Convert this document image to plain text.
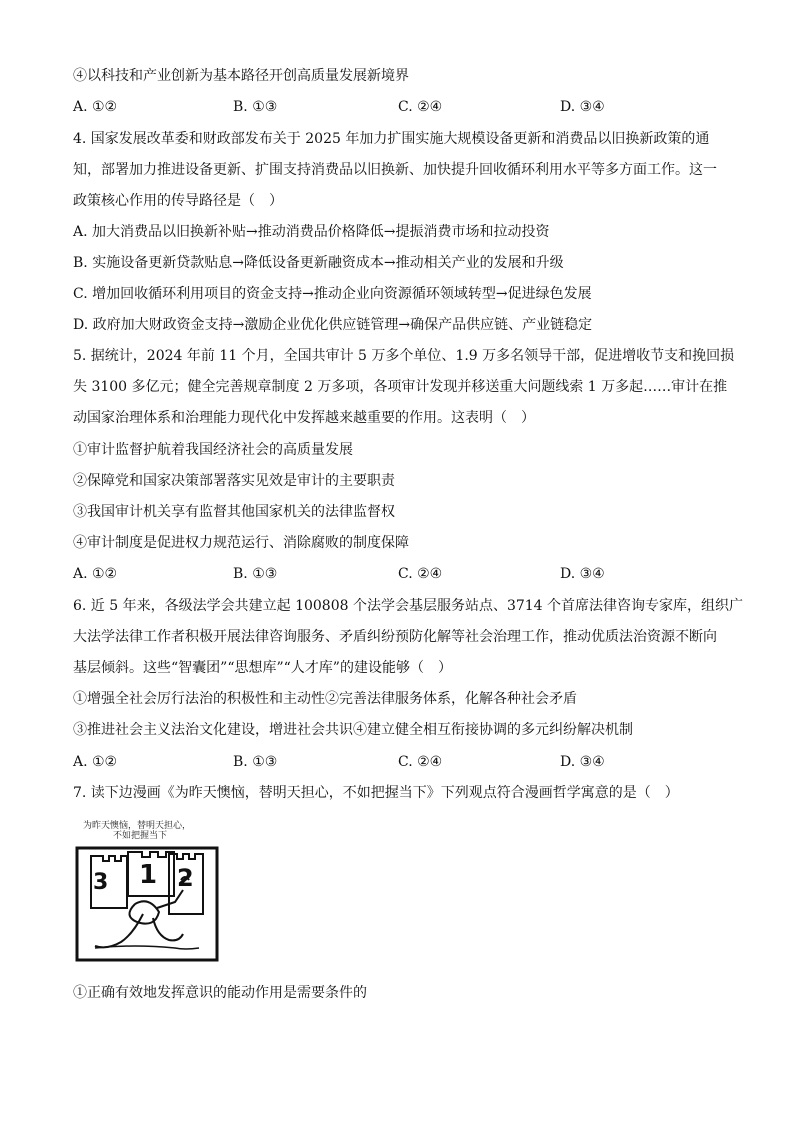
④以科技和产业创新为基本路径开创高质量发展新境界
A. ①②	B. ①③	C. ②④	D. ③④
4. 国家发展改革委和财政部发布关于 2025 年加力扩围实施大规模设备更新和消费品以旧换新政策的通
知，部署加力推进设备更新、扩围支持消费品以旧换新、加快提升回收循环利用水平等多方面工作。这一
政策核心作用的传导路径是（　）
A. 加大消费品以旧换新补贴→推动消费品价格降低→提振消费市场和拉动投资
B. 实施设备更新贷款贴息→降低设备更新融资成本→推动相关产业的发展和升级
C. 增加回收循环利用项目的资金支持→推动企业向资源循环领域转型→促进绿色发展
D. 政府加大财政资金支持→激励企业优化供应链管理→确保产品供应链、产业链稳定
5. 据统计，2024 年前 11 个月，全国共审计 5 万多个单位、1.9 万多名领导干部，促进增收节支和挽回损
失 3100 多亿元；健全完善规章制度 2 万多项，各项审计发现并移送重大问题线索 1 万多起……审计在推
动国家治理体系和治理能力现代化中发挥越来越重要的作用。这表明（　）
①审计监督护航着我国经济社会的高质量发展
②保障党和国家决策部署落实见效是审计的主要职责
③我国审计机关享有监督其他国家机关的法律监督权
④审计制度是促进权力规范运行、消除腐败的制度保障
A. ①②	B. ①③	C. ②④	D. ③④
6. 近 5 年来，各级法学会共建立起 100808 个法学会基层服务站点、3714 个首席法律咨询专家库，组织广
大法学法律工作者积极开展法律咨询服务、矛盾纠纷预防化解等社会治理工作，推动优质法治资源不断向
基层倾斜。这些“智囊团”“思想库”“人才库”的建设能够（　）
①增强全社会厉行法治的积极性和主动性②完善法律服务体系，化解各种社会矛盾
③推进社会主义法治文化建设，增进社会共识④建立健全相互衔接协调的多元纠纷解决机制
A. ①②	B. ①③	C. ②④	D. ③④
7. 读下边漫画《为昨天懊恼，替明天担心，不如把握当下》下列观点符合漫画哲学寓意的是（　）
为昨天懊恼，替明天担心，
不如把握当下
3 1 2
①正确有效地发挥意识的能动作用是需要条件的
